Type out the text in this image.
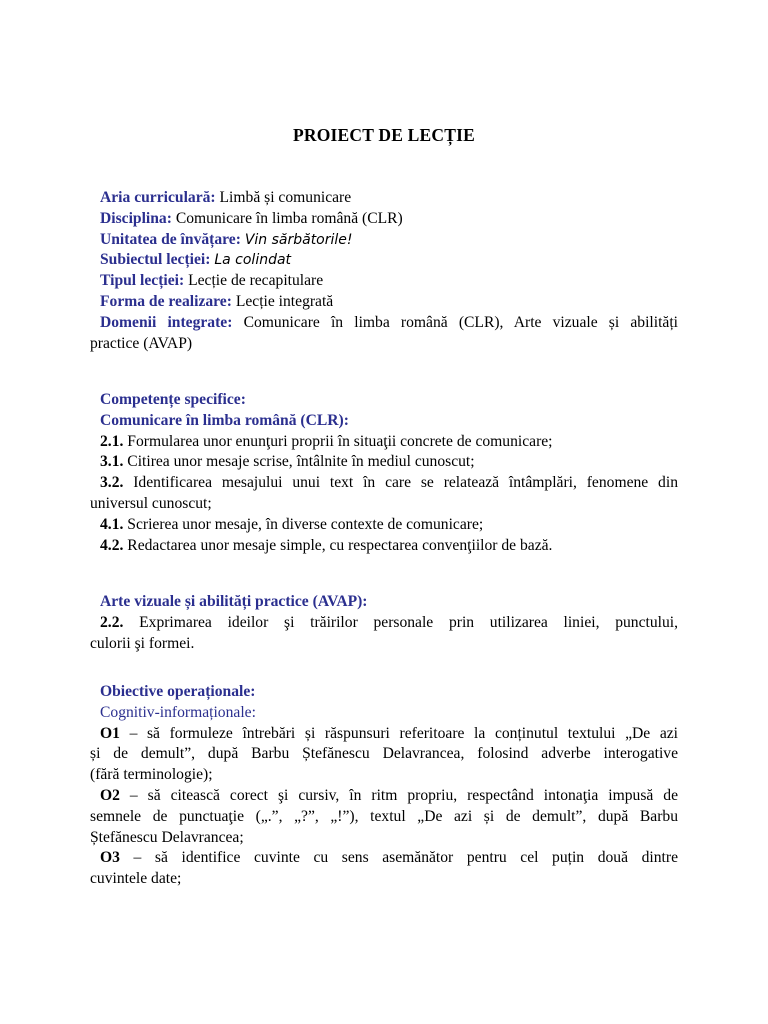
PROIECT DE LECȚIE
Aria curriculară: Limbă și comunicare
Disciplina: Comunicare în limba română (CLR)
Unitatea de învățare: Vin sărbătorile!
Subiectul lecției: La colindat
Tipul lecției: Lecție de recapitulare
Forma de realizare: Lecție integrată
Domenii integrate: Comunicare în limba română (CLR), Arte vizuale și abilități
practice (AVAP)
Competențe specifice:
Comunicare în limba română (CLR):
2.1. Formularea unor enunţuri proprii în situaţii concrete de comunicare;
3.1. Citirea unor mesaje scrise, întâlnite în mediul cunoscut;
3.2. Identificarea mesajului unui text în care se relatează întâmplări, fenomene din
universul cunoscut;
4.1. Scrierea unor mesaje, în diverse contexte de comunicare;
4.2. Redactarea unor mesaje simple, cu respectarea convenţiilor de bază.
Arte vizuale și abilități practice (AVAP):
2.2. Exprimarea ideilor şi trăirilor personale prin utilizarea liniei, punctului,
culorii şi formei.
Obiective operaționale:
Cognitiv-informaționale:
O1 – să formuleze întrebări și răspunsuri referitoare la conținutul textului „De azi
și de demult”, după Barbu Ștefănescu Delavrancea, folosind adverbe interogative
(fără terminologie);
O2 – să citească corect şi cursiv, în ritm propriu, respectând intonaţia impusă de
semnele de punctuaţie („.”, „?”, „!”), textul „De azi și de demult”, după Barbu
Ștefănescu Delavrancea;
O3 – să identifice cuvinte cu sens asemănător pentru cel puțin două dintre
cuvintele date;
